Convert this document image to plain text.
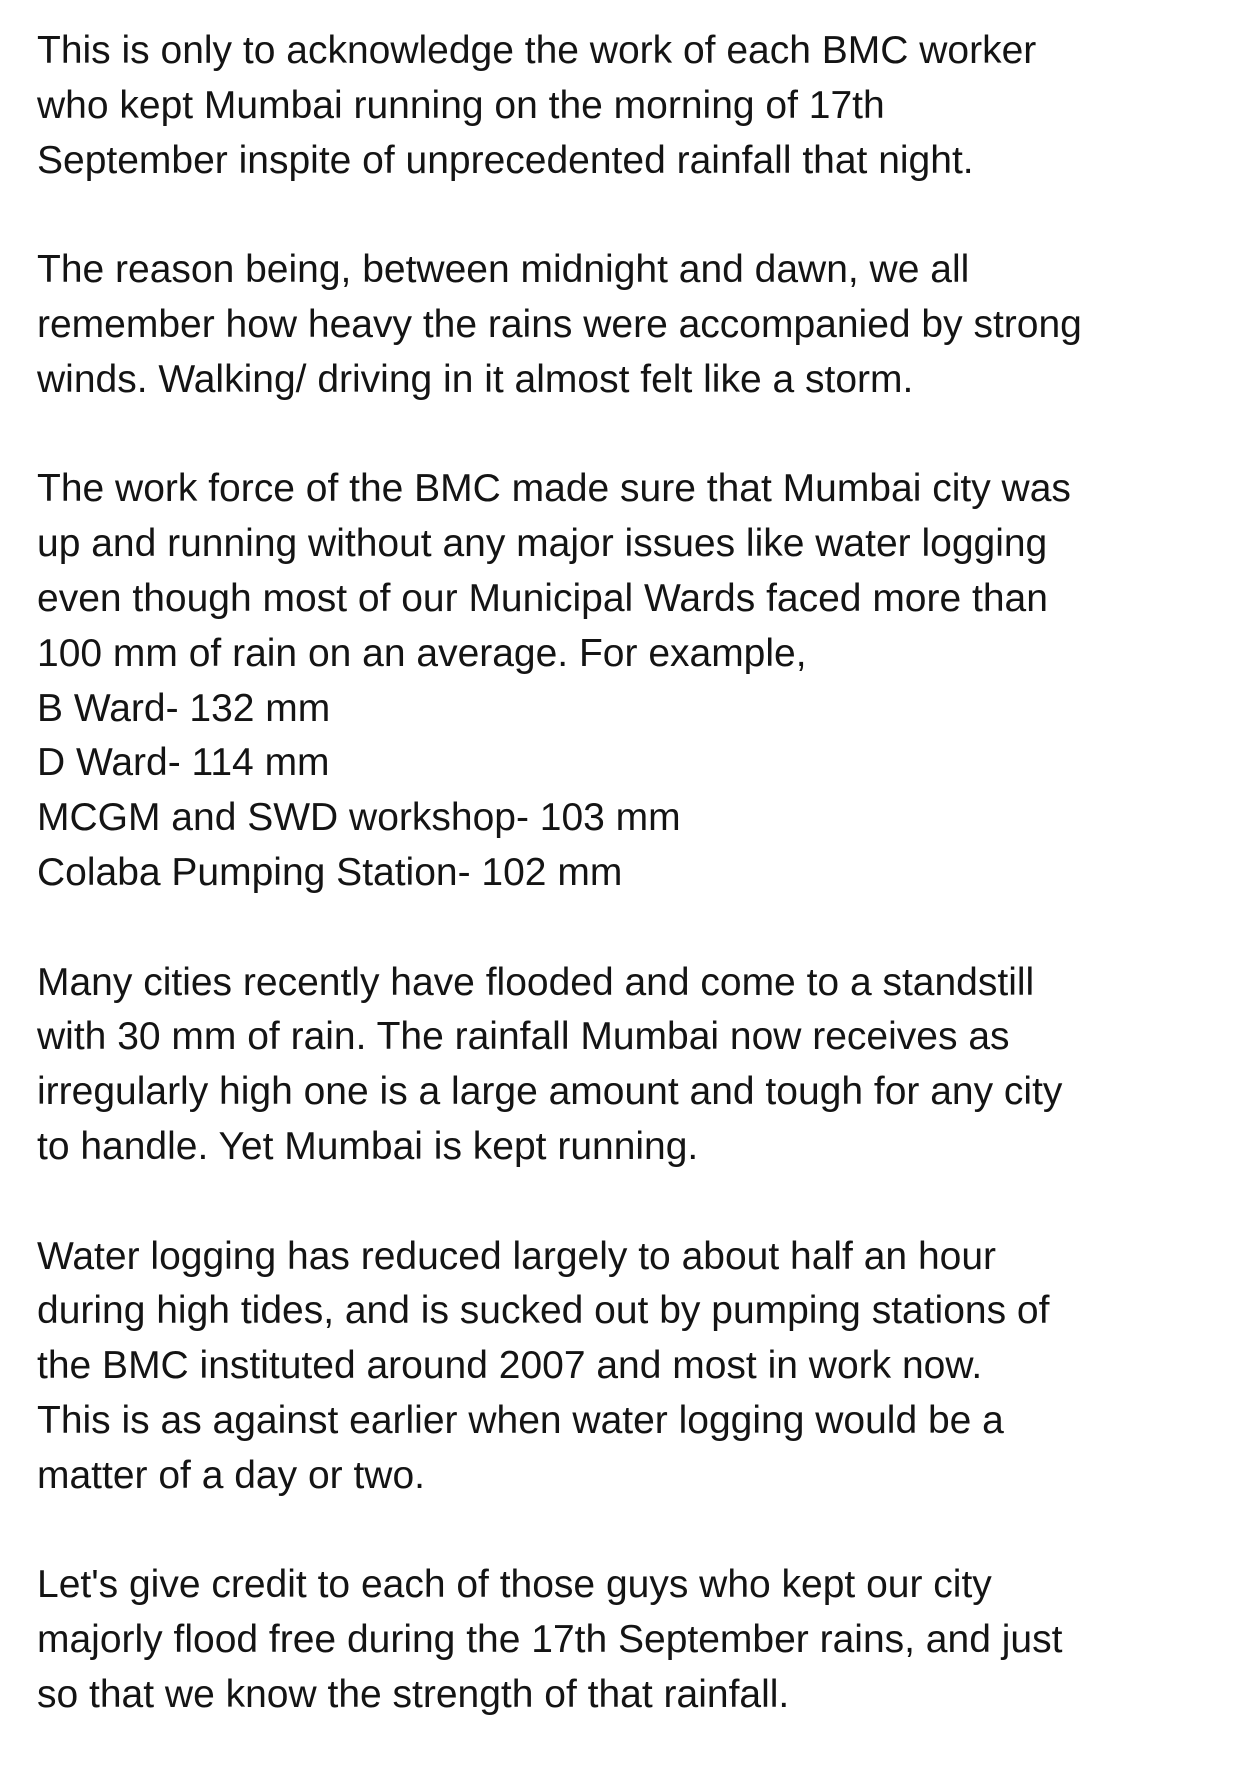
This is only to acknowledge the work of each BMC worker
who kept Mumbai running on the morning of 17th
September inspite of unprecedented rainfall that night.
The reason being, between midnight and dawn, we all
remember how heavy the rains were accompanied by strong
winds. Walking/ driving in it almost felt like a storm.
The work force of the BMC made sure that Mumbai city was
up and running without any major issues like water logging
even though most of our Municipal Wards faced more than
100 mm of rain on an average. For example,
B Ward- 132 mm
D Ward- 114 mm
MCGM and SWD workshop- 103 mm
Colaba Pumping Station- 102 mm
Many cities recently have flooded and come to a standstill
with 30 mm of rain. The rainfall Mumbai now receives as
irregularly high one is a large amount and tough for any city
to handle. Yet Mumbai is kept running.
Water logging has reduced largely to about half an hour
during high tides, and is sucked out by pumping stations of
the BMC instituted around 2007 and most in work now.
This is as against earlier when water logging would be a
matter of a day or two.
Let's give credit to each of those guys who kept our city
majorly flood free during the 17th September rains, and just
so that we know the strength of that rainfall.
